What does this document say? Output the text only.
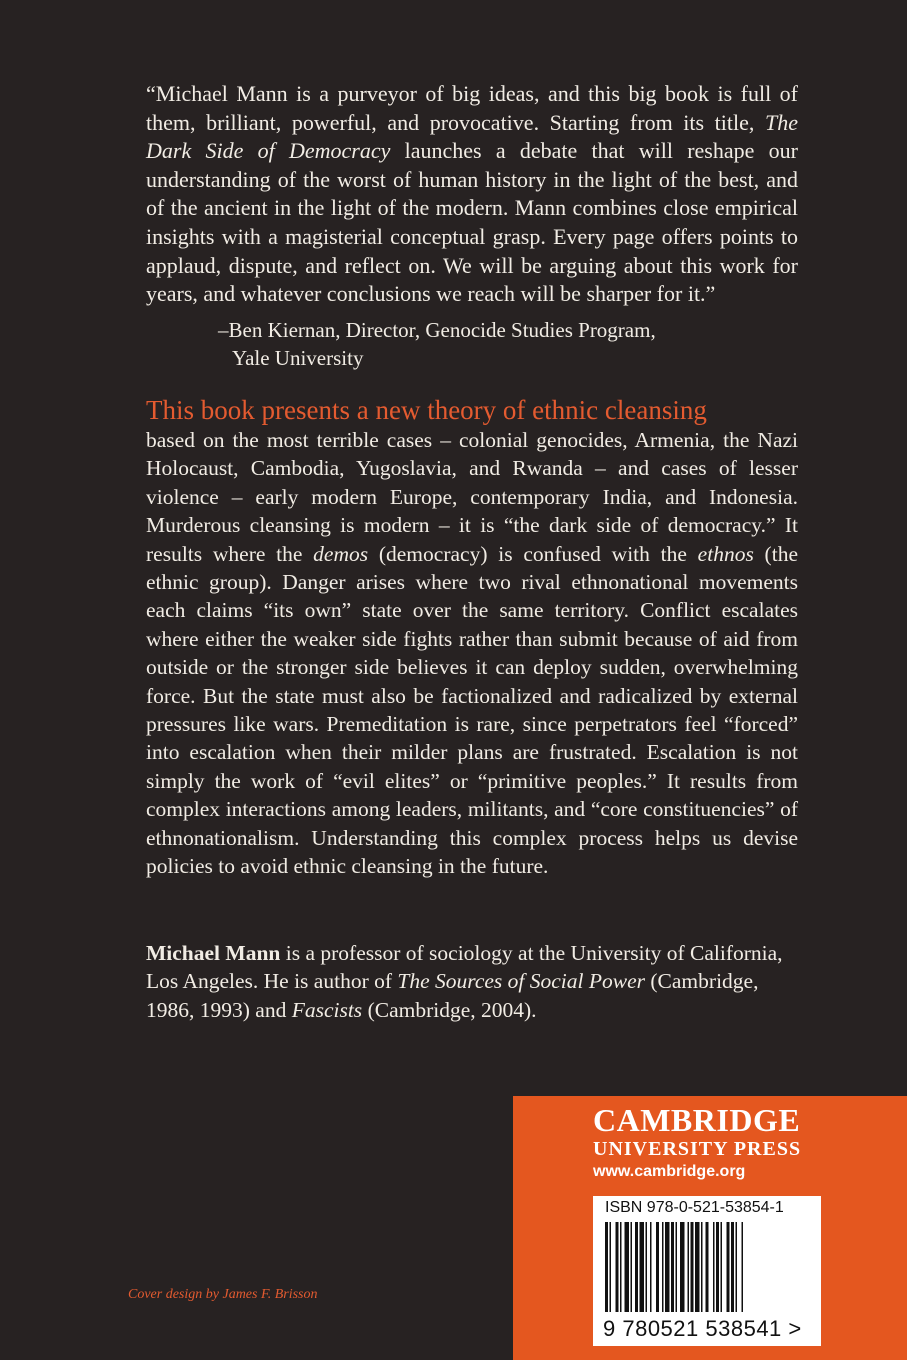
“Michael Mann is a purveyor of big ideas, and this big book is full of them, brilliant, powerful, and provocative. Starting from its title, The Dark Side of Democracy launches a debate that will reshape our understanding of the worst of human history in the light of the best, and of the ancient in the light of the modern. Mann combines close empirical insights with a magisterial conceptual grasp. Every page offers points to applaud, dispute, and reflect on. We will be arguing about this work for years, and whatever conclusions we reach will be sharper for it.”

–Ben Kiernan, Director, Genocide Studies Program,
Yale University

This book presents a new theory of ethnic cleansing

based on the most terrible cases – colonial genocides, Armenia, the Nazi Holocaust, Cambodia, Yugoslavia, and Rwanda – and cases of lesser violence – early modern Europe, contemporary India, and Indonesia. Murderous cleansing is modern – it is “the dark side of democracy.” It results where the demos (democracy) is confused with the ethnos (the ethnic group). Danger arises where two rival ethnonational movements each claims “its own” state over the same territory. Conflict escalates where either the weaker side fights rather than submit because of aid from outside or the stronger side believes it can deploy sudden, overwhelming force. But the state must also be factionalized and radicalized by external pressures like wars. Premeditation is rare, since perpetrators feel “forced” into escalation when their milder plans are frustrated. Escalation is not simply the work of “evil elites” or “primitive peoples.” It results from complex interactions among leaders, militants, and “core constituencies” of ethnonationalism. Understanding this complex process helps us devise policies to avoid ethnic cleansing in the future.

Michael Mann is a professor of sociology at the University of California, Los Angeles. He is author of The Sources of Social Power (Cambridge, 1986, 1993) and Fascists (Cambridge, 2004).

Cover design by James F. Brisson

CAMBRIDGE
UNIVERSITY PRESS
www.cambridge.org
ISBN 978-0-521-53854-1
9 780521 538541 >
